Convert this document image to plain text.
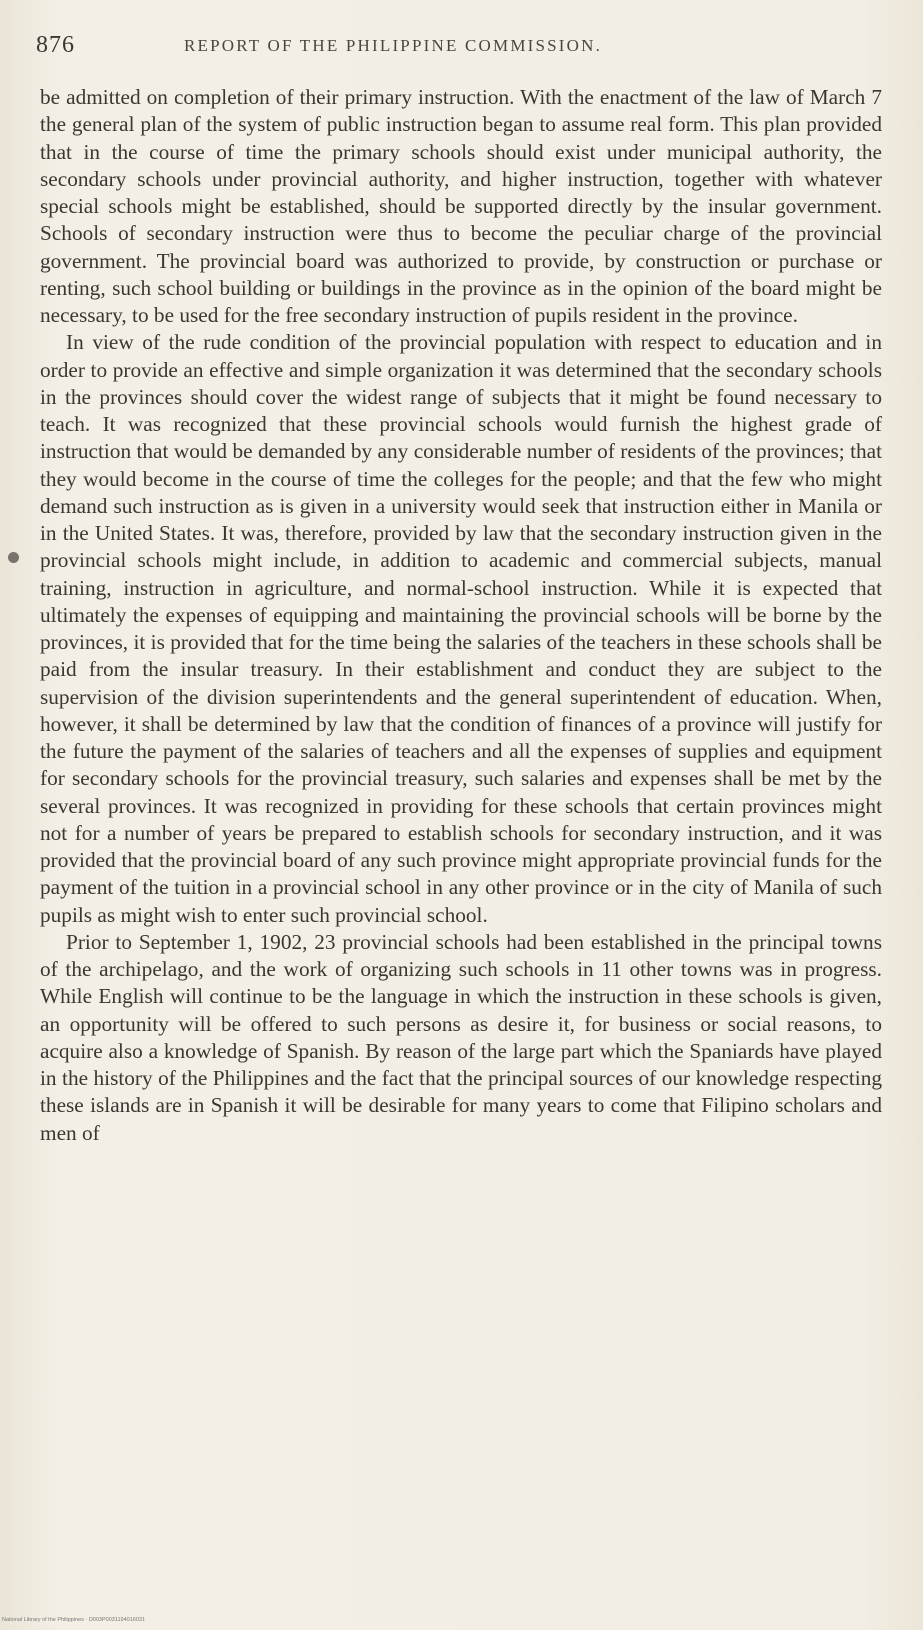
876	REPORT OF THE PHILIPPINE COMMISSION.

be admitted on completion of their primary instruction. With the enactment of the law of March 7 the general plan of the system of public instruction began to assume real form. This plan provided that in the course of time the primary schools should exist under municipal authority, the secondary schools under provincial authority, and higher instruction, together with whatever special schools might be established, should be supported directly by the insular government. Schools of secondary instruction were thus to become the peculiar charge of the provincial government. The provincial board was authorized to provide, by construction or purchase or renting, such school building or buildings in the province as in the opinion of the board might be necessary, to be used for the free secondary instruction of pupils resident in the province.

In view of the rude condition of the provincial population with respect to education and in order to provide an effective and simple organization it was determined that the secondary schools in the provinces should cover the widest range of subjects that it might be found necessary to teach. It was recognized that these provincial schools would furnish the highest grade of instruction that would be demanded by any considerable number of residents of the provinces; that they would become in the course of time the colleges for the people; and that the few who might demand such instruction as is given in a university would seek that instruction either in Manila or in the United States. It was, therefore, provided by law that the secondary instruction given in the provincial schools might include, in addition to academic and commercial subjects, manual training, instruction in agriculture, and normal-school instruction. While it is expected that ultimately the expenses of equipping and maintaining the provincial schools will be borne by the provinces, it is provided that for the time being the salaries of the teachers in these schools shall be paid from the insular treasury. In their establishment and conduct they are subject to the supervision of the division superintendents and the general superintendent of education. When, however, it shall be determined by law that the condition of finances of a province will justify for the future the payment of the salaries of teachers and all the expenses of supplies and equipment for secondary schools for the provincial treasury, such salaries and expenses shall be met by the several provinces. It was recognized in providing for these schools that certain provinces might not for a number of years be prepared to establish schools for secondary instruction, and it was provided that the provincial board of any such province might appropriate provincial funds for the payment of the tuition in a provincial school in any other province or in the city of Manila of such pupils as might wish to enter such provincial school.

Prior to September 1, 1902, 23 provincial schools had been established in the principal towns of the archipelago, and the work of organizing such schools in 11 other towns was in progress. While English will continue to be the language in which the instruction in these schools is given, an opportunity will be offered to such persons as desire it, for business or social reasons, to acquire also a knowledge of Spanish. By reason of the large part which the Spaniards have played in the history of the Philippines and the fact that the principal sources of our knowledge respecting these islands are in Spanish it will be desirable for many years to come that Filipino scholars and men of

National Library of the Philippines · D003P0031194016031
